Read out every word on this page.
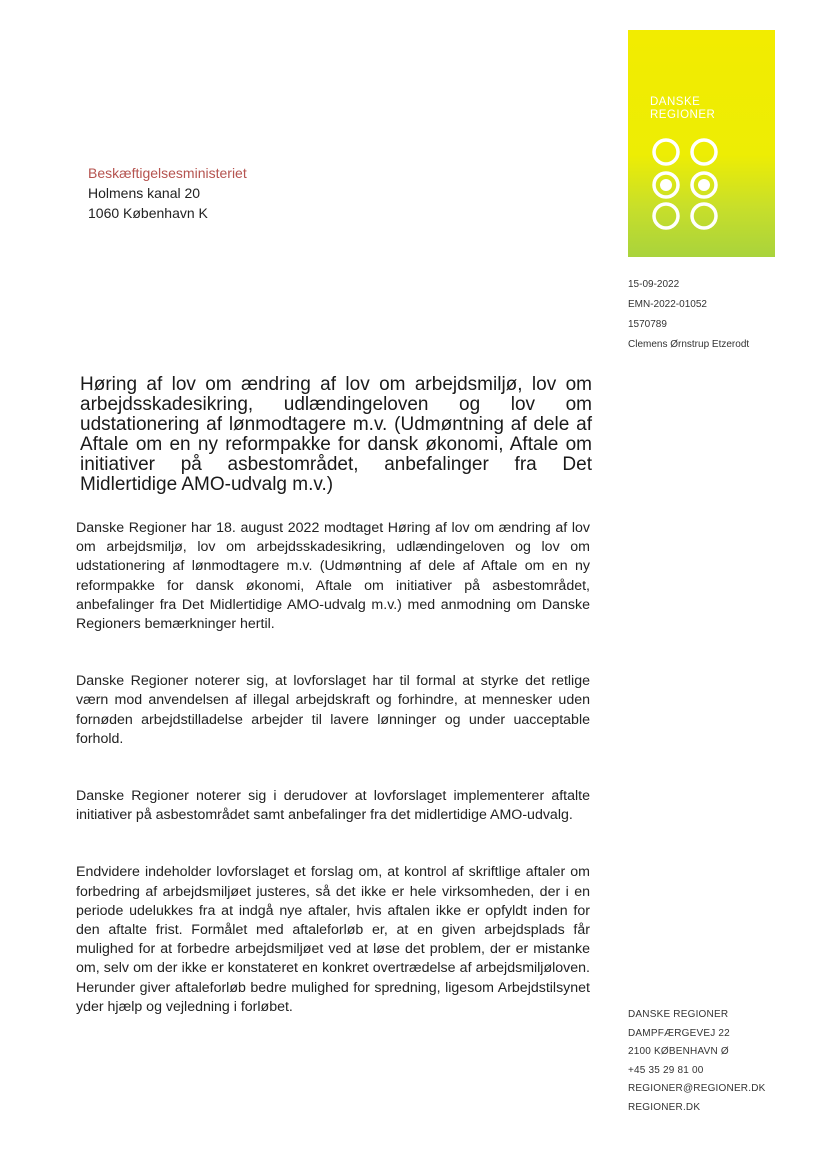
Beskæftigelsesministeriet
Holmens kanal 20
1060 København K
DANSKE
REGIONER
15-09-2022
EMN-2022-01052
1570789
Clemens Ørnstrup Etzerodt
Høring af lov om ændring af lov om arbejdsmiljø, lov om arbejdsskadesikring, udlændingeloven og lov om udstationering af lønmodtagere m.v. (Udmøntning af dele af Aftale om en ny reformpakke for dansk økonomi, Aftale om initiativer på asbestområdet, anbefalinger fra Det Midlertidige AMO-udvalg m.v.)

Danske Regioner har 18. august 2022 modtaget Høring af lov om ændring af lov om arbejdsmiljø, lov om arbejdsskadesikring, udlændingeloven og lov om udstationering af lønmodtagere m.v. (Udmøntning af dele af Aftale om en ny reformpakke for dansk økonomi, Aftale om initiativer på asbestområdet, anbefalinger fra Det Midlertidige AMO-udvalg m.v.) med anmodning om Danske Regioners bemærkninger hertil.

Danske Regioner noterer sig, at lovforslaget har til formal at styrke det retlige værn mod anvendelsen af illegal arbejdskraft og forhindre, at mennesker uden fornøden arbejdstilladelse arbejder til lavere lønninger og under uacceptable forhold.

Danske Regioner noterer sig i derudover at lovforslaget implementerer aftalte initiativer på asbestområdet samt anbefalinger fra det midlertidige AMO-udvalg.

Endvidere indeholder lovforslaget et forslag om, at kontrol af skriftlige aftaler om forbedring af arbejdsmiljøet justeres, så det ikke er hele virksomheden, der i en periode udelukkes fra at indgå nye aftaler, hvis aftalen ikke er opfyldt inden for den aftalte frist. Formålet med aftaleforløb er, at en given arbejdsplads får mulighed for at forbedre arbejdsmiljøet ved at løse det problem, der er mistanke om, selv om der ikke er konstateret en konkret overtrædelse af arbejdsmiljøloven. Herunder giver aftaleforløb bedre mulighed for spredning, ligesom Arbejdstilsynet yder hjælp og vejledning i forløbet.	DANSKE REGIONER
DAMPFÆRGEVEJ 22
2100 KØBENHAVN Ø
+45 35 29 81 00
REGIONER@REGIONER.DK
REGIONER.DK
